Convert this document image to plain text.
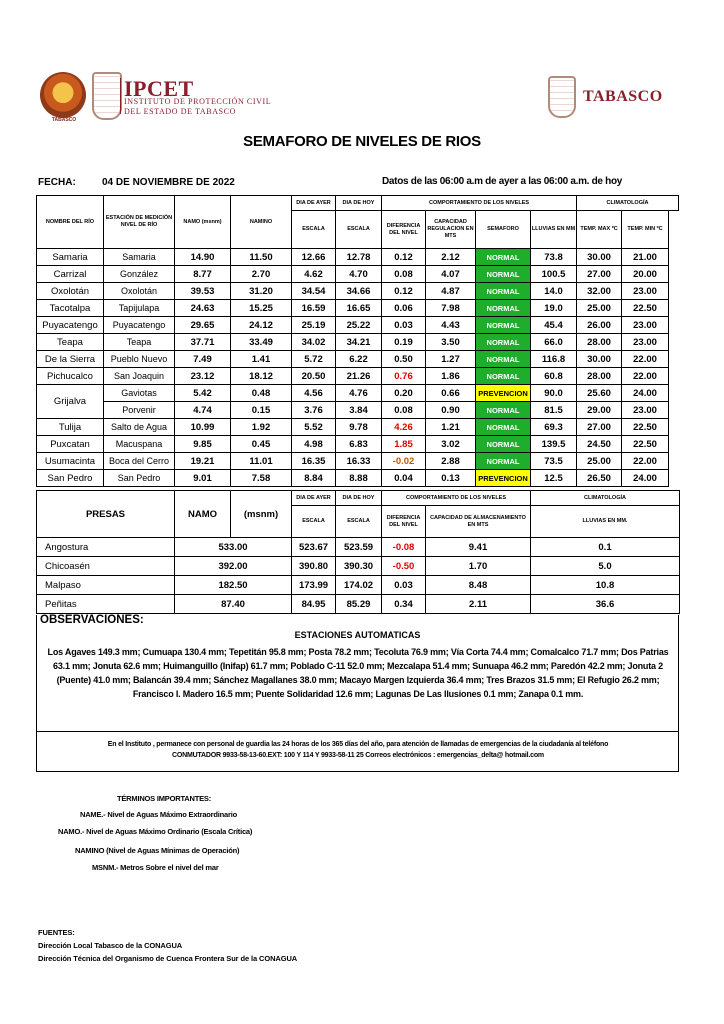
TABASCO
IPCET
INSTITUTO DE PROTECCIÓN CIVIL
DEL ESTADO DE TABASCO
TABASCO
SEMAFORO DE NIVELES DE RIOS
FECHA:	04 DE NOVIEMBRE DE 2022	Datos de las 06:00 a.m de ayer a las 06:00 a.m. de hoy
NOMBRE DEL RÍO	ESTACIÓN DE MEDICIÓN NIVEL DE RÍO	NAMO (msnm)	NAMINO	DIA DE AYER	DIA DE HOY	COMPORTAMIENTO DE LOS NIVELES				CLIMATOLOGÍA	
				ESCALA	ESCALA	DIFERENCIA DEL NIVEL	CAPACIDAD REGULACION EN MTS	SEMAFORO	LLUVIAS EN MM	TEMP. MAX ºC	TEMP. MIN ºC
Samaria	Samaria	14.90	11.50	12.66	12.78	0.12	2.12	NORMAL	73.8	30.00	21.00
Carrizal	González	8.77	2.70	4.62	4.70	0.08	4.07	NORMAL	100.5	27.00	20.00
Oxolotán	Oxolotán	39.53	31.20	34.54	34.66	0.12	4.87	NORMAL	14.0	32.00	23.00
Tacotalpa	Tapijulapa	24.63	15.25	16.59	16.65	0.06	7.98	NORMAL	19.0	25.00	22.50
Puyacatengo	Puyacatengo	29.65	24.12	25.19	25.22	0.03	4.43	NORMAL	45.4	26.00	23.00
Teapa	Teapa	37.71	33.49	34.02	34.21	0.19	3.50	NORMAL	66.0	28.00	23.00
De la Sierra	Pueblo Nuevo	7.49	1.41	5.72	6.22	0.50	1.27	NORMAL	116.8	30.00	22.00
Pichucalco	San Joaquin	23.12	18.12	20.50	21.26	0.76	1.86	NORMAL	60.8	28.00	22.00
Grijalva	Gaviotas	5.42	0.48	4.56	4.76	0.20	0.66	PREVENCION	90.0	25.60	24.00
	Porvenir	4.74	0.15	3.76	3.84	0.08	0.90	NORMAL	81.5	29.00	23.00
Tulija	Salto de Agua	10.99	1.92	5.52	9.78	4.26	1.21	NORMAL	69.3	27.00	22.50
Puxcatan	Macuspana	9.85	0.45	4.98	6.83	1.85	3.02	NORMAL	139.5	24.50	22.50
Usumacinta	Boca del Cerro	19.21	11.01	16.35	16.33	-0.02	2.88	NORMAL	73.5	25.00	22.00
San Pedro	San Pedro	9.01	7.58	8.84	8.88	0.04	0.13	PREVENCION	12.5	26.50	24.00
PRESAS	NAMO	(msnm)	DIA DE AYER	DIA DE HOY	COMPORTAMIENTO DE LOS NIVELES		CLIMATOLOGÍA
			ESCALA	ESCALA	DIFERENCIA DEL NIVEL	CAPACIDAD DE ALMACENAMIENTO EN MTS	LLUVIAS EN MM.
Angostura	533.00		523.67	523.59	-0.08	9.41	0.1
Chicoasén	392.00		390.80	390.30	-0.50	1.70	5.0
Malpaso	182.50		173.99	174.02	0.03	8.48	10.8
Peñitas	87.40		84.95	85.29	0.34	2.11	36.6
OBSERVACIONES:
ESTACIONES AUTOMATICAS
Los Agaves 149.3 mm; Cumuapa 130.4 mm; Tepetitán 95.8 mm; Posta 78.2 mm; Tecoluta 76.9 mm; Vía Corta 74.4 mm; Comalcalco 71.7 mm; Dos Patrias 63.1 mm; Jonuta 62.6 mm; Huimanguillo (Inifap) 61.7 mm; Poblado C-11 52.0 mm; Mezcalapa 51.4 mm; Sunuapa 46.2 mm; Paredón 42.2 mm; Jonuta 2 (Puente) 41.0 mm; Balancán 39.4 mm; Sánchez Magallanes 38.0 mm; Macayo Margen Izquierda 36.4 mm; Tres Brazos 31.5 mm; El Refugio 26.2 mm; Francisco I. Madero 16.5 mm; Puente Solidaridad 12.6 mm; Lagunas De Las Ilusiones 0.1 mm; Zanapa 0.1 mm.
En el Instituto , permanece con personal de guardia las 24 horas de los 365 días del año, para atención de llamadas de emergencias de la ciudadanía al teléfono
CONMUTADOR 9933-58-13-60.EXT: 100 Y 114 Y 9933-58-11 25 Correos electrónicos : emergencias_delta@ hotmail.com
TÉRMINOS IMPORTANTES:
NAME.- Nivel de Aguas Máximo Extraordinario
NAMO.- Nivel de Aguas Máximo Ordinario (Escala Crítica)
NAMINO (Nivel de Aguas Mínimas de Operación)
MSNM.- Metros Sobre el nivel del mar
FUENTES:
Dirección Local Tabasco de la CONAGUA
Dirección Técnica del Organismo de Cuenca Frontera Sur de la CONAGUA
